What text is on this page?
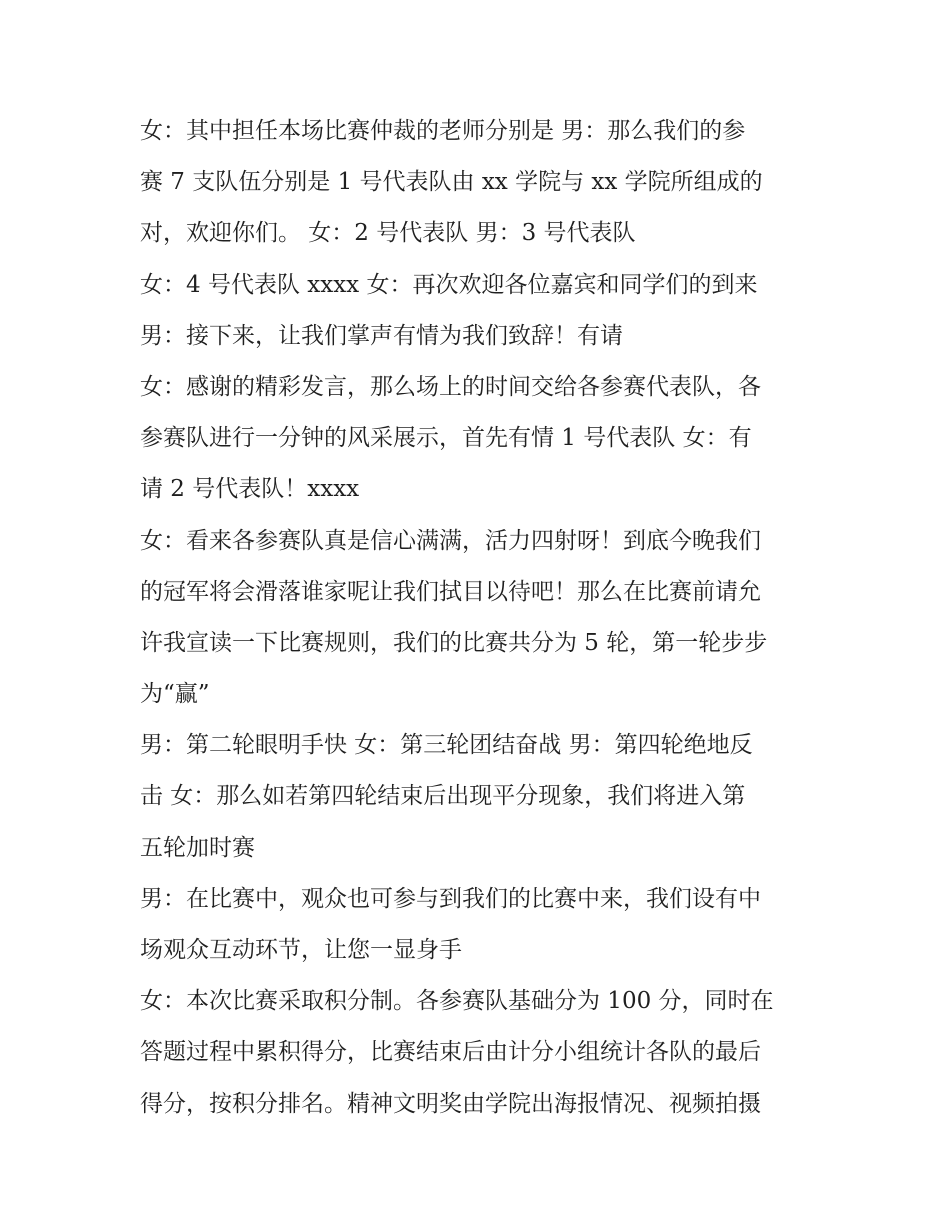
女：其中担任本场比赛仲裁的老师分别是 男：那么我们的参
赛 7 支队伍分别是 1 号代表队由 xx 学院与 xx 学院所组成的
对，欢迎你们。 女：2 号代表队 男：3 号代表队
女：4 号代表队 xxxx 女：再次欢迎各位嘉宾和同学们的到来
男：接下来，让我们掌声有情为我们致辞！有请
女：感谢的精彩发言，那么场上的时间交给各参赛代表队，各
参赛队进行一分钟的风采展示，首先有情 1 号代表队 女：有
请 2 号代表队！xxxx
女：看来各参赛队真是信心满满，活力四射呀！到底今晚我们
的冠军将会滑落谁家呢让我们拭目以待吧！那么在比赛前请允
许我宣读一下比赛规则，我们的比赛共分为 5 轮，第一轮步步
为“赢”
男：第二轮眼明手快 女：第三轮团结奋战 男：第四轮绝地反
击 女：那么如若第四轮结束后出现平分现象，我们将进入第
五轮加时赛
男：在比赛中，观众也可参与到我们的比赛中来，我们设有中
场观众互动环节，让您一显身手
女：本次比赛采取积分制。各参赛队基础分为 100 分，同时在
答题过程中累积得分，比赛结束后由计分小组统计各队的最后
得分，按积分排名。精神文明奖由学院出海报情况、视频拍摄
